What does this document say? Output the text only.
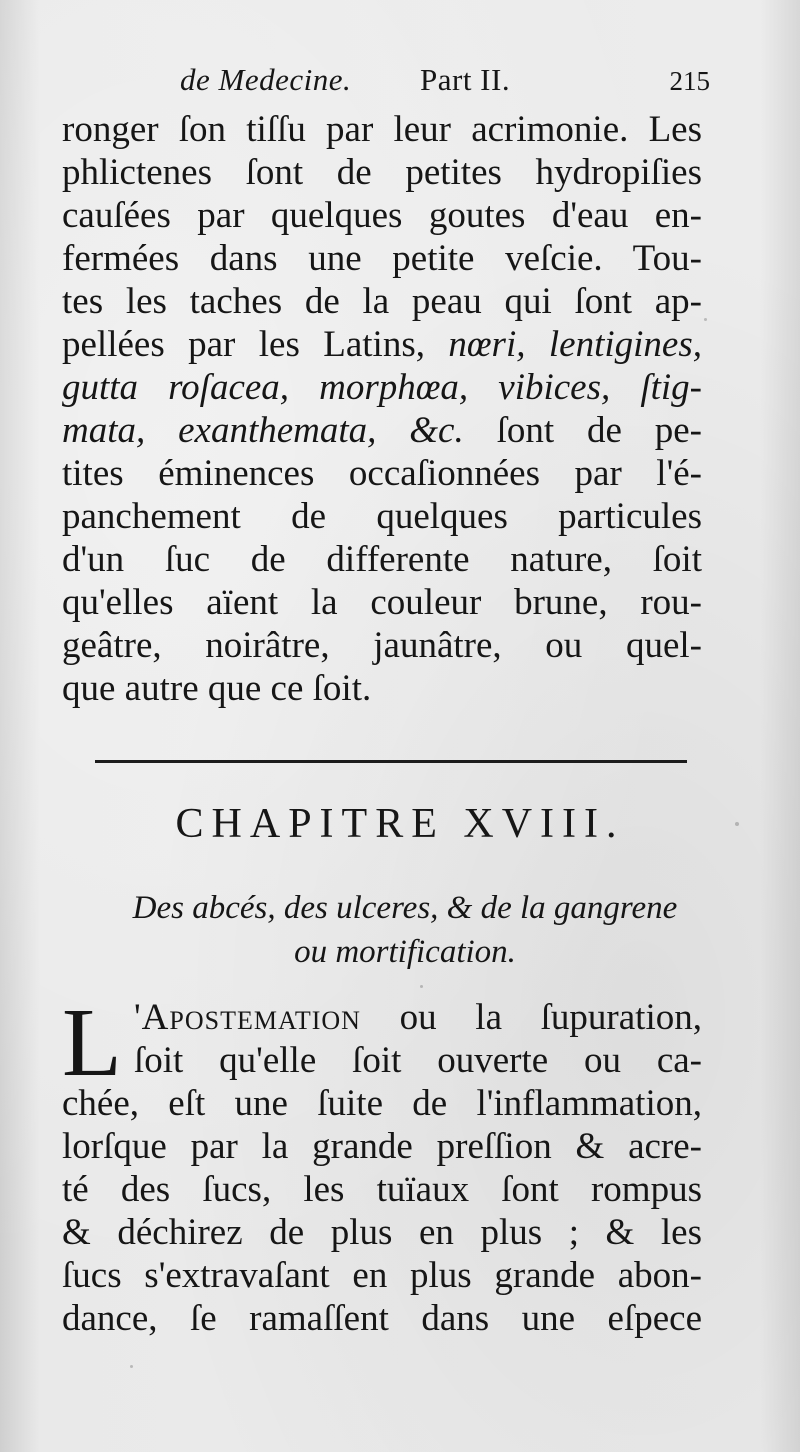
de Medecine. Part II.	215
ronger ſon tiſſu par leur acrimonie. Les
phlictenes ſont de petites hydropiſies
cauſées par quelques goutes d'eau en-
fermées dans une petite veſcie. Tou-
tes les taches de la peau qui ſont ap-
pellées par les Latins, nœri, lentigines,
gutta roſacea, morphœa, vibices, ſtig-
mata, exanthemata, &c. ſont de pe-
tites éminences occaſionnées par l'é-
panchement de quelques particules
d'un ſuc de differente nature, ſoit
qu'elles aïent la couleur brune, rou-
geâtre, noirâtre, jaunâtre, ou quel-
que autre que ce ſoit.
CHAPITRE XVIII.
Des abcés, des ulceres, & de la gangrene
ou mortification.
L 'Apostemation ou la ſupuration,
ſoit qu'elle ſoit ouverte ou ca-
chée, eſt une ſuite de l'inflammation,
lorſque par la grande preſſion & acre-
té des ſucs, les tuïaux ſont rompus
& déchirez de plus en plus ; & les
ſucs s'extravaſant en plus grande abon-
dance, ſe ramaſſent dans une eſpece
